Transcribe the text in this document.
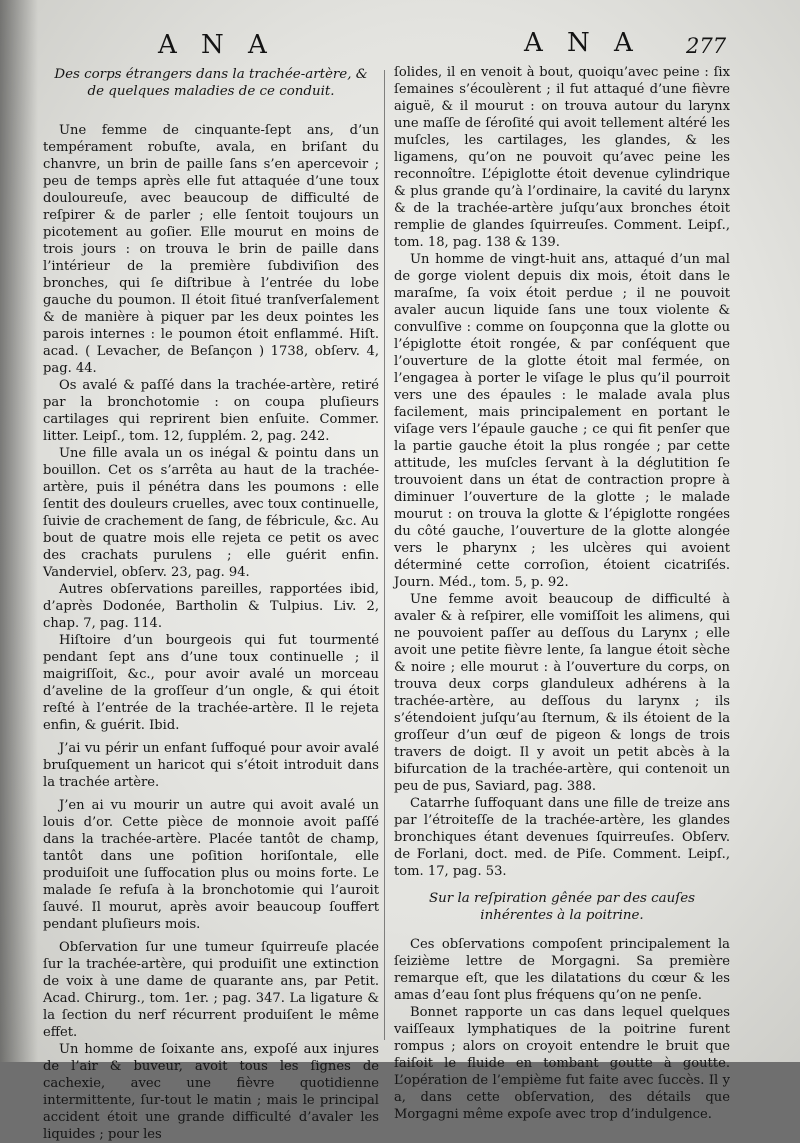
A N A	A N A 277
Des corps étrangers dans la trachée-artère, & de quelques maladies de ce conduit.

Une femme de cinquante-ſept ans, d’un tempérament robuſte, avala, en briſant du chanvre, un brin de paille ſans s’en apercevoir ; peu de temps après elle fut attaquée d’une toux douloureuſe, avec beaucoup de difficulté de reſpirer & de parler ; elle ſentoit toujours un picotement au goſier. Elle mourut en moins de trois jours : on trouva le brin de paille dans l’intérieur de la première ſubdiviſion des bronches, qui ſe diſtribue à l’entrée du lobe gauche du poumon. Il étoit ſitué tranſverſalement & de manière à piquer par les deux pointes les parois internes : le poumon étoit enflammé. Hiſt. acad. ( Levacher, de Beſançon ) 1738, obſerv. 4, pag. 44.

Os avalé & paſſé dans la trachée-artère, retiré par la bronchotomie : on coupa pluſieurs cartilages qui reprirent bien enſuite. Commer. litter. Leipſ., tom. 12, ſupplém. 2, pag. 242.

Une fille avala un os inégal & pointu dans un bouillon. Cet os s’arrêta au haut de la trachée-artère, puis il pénétra dans les poumons : elle ſentit des douleurs cruelles, avec toux continuelle, ſuivie de crachement de ſang, de fébricule, &c. Au bout de quatre mois elle rejeta ce petit os avec des crachats purulens ; elle guérit enfin. Vanderviel, obſerv. 23, pag. 94.

Autres obſervations pareilles, rapportées ibid, d’après Dodonée, Bartholin & Tulpius. Liv. 2, chap. 7, pag. 114.

Hiſtoire d’un bourgeois qui fut tourmenté pendant ſept ans d’une toux continuelle ; il maigriſſoit, &c., pour avoir avalé un morceau d’aveline de la groſſeur d’un ongle, & qui étoit reſté à l’entrée de la trachée-artère. Il le rejeta enfin, & guérit. Ibid.

J’ai vu périr un enfant ſuffoqué pour avoir avalé bruſquement un haricot qui s’étoit introduit dans la trachée artère.

J’en ai vu mourir un autre qui avoit avalé un louis d’or. Cette pièce de monnoie avoit paſſé dans la trachée-artère. Placée tantôt de champ, tantôt dans une poſition horiſontale, elle produiſoit une ſuffocation plus ou moins forte. Le malade ſe refuſa à la bronchotomie qui l’auroit ſauvé. Il mourut, après avoir beaucoup ſouffert pendant pluſieurs mois.

Obſervation ſur une tumeur ſquirreuſe placée ſur la trachée-artère, qui produiſit une extinction de voix à une dame de quarante ans, par Petit. Acad. Chirurg., tom. 1er. ; pag. 347. La ligature & la ſection du nerf récurrent produiſent le même effet.

Un homme de ſoixante ans, expoſé aux injures de l’air & buveur, avoit tous les ſignes de cachexie, avec une fièvre quotidienne intermittente, ſur-tout le matin ; mais le principal accident étoit une grande difficulté d’avaler les liquides ; pour les

ſolides, il en venoit à bout, quoiqu’avec peine : ſix ſemaines s’écoulèrent ; il fut attaqué d’une fièvre aiguë, & il mourut : on trouva autour du larynx une maſſe de ſéroſité qui avoit tellement altéré les muſcles, les cartilages, les glandes, & les ligamens, qu’on ne pouvoit qu’avec peine les reconnoître. L’épiglotte étoit devenue cylindrique & plus grande qu’à l’ordinaire, la cavité du larynx & de la trachée-artère juſqu’aux bronches étoit remplie de glandes ſquirreuſes. Comment. Leipſ., tom. 18, pag. 138 & 139.

Un homme de vingt-huit ans, attaqué d’un mal de gorge violent depuis dix mois, étoit dans le maraſme, ſa voix étoit perdue ; il ne pouvoit avaler aucun liquide ſans une toux violente & convulſive : comme on ſoupçonna que la glotte ou l’épiglotte étoit rongée, & par conſéquent que l’ouverture de la glotte étoit mal fermée, on l’engagea à porter le viſage le plus qu’il pourroit vers une des épaules : le malade avala plus facilement, mais principalement en portant le viſage vers l’épaule gauche ; ce qui fit penſer que la partie gauche étoit la plus rongée ; par cette attitude, les muſcles ſervant à la déglutition ſe trouvoient dans un état de contraction propre à diminuer l’ouverture de la glotte ; le malade mourut : on trouva la glotte & l’épiglotte rongées du côté gauche, l’ouverture de la glotte alongée vers le pharynx ; les ulcères qui avoient déterminé cette corroſion, étoient cicatriſés. Journ. Méd., tom. 5, p. 92.

Une femme avoit beaucoup de difficulté à avaler & à reſpirer, elle vomiſſoit les alimens, qui ne pouvoient paſſer au deſſous du Larynx ; elle avoit une petite fièvre lente, ſa langue étoit sèche & noire ; elle mourut : à l’ouverture du corps, on trouva deux corps glanduleux adhérens à la trachée-artère, au deſſous du larynx ; ils s’étendoient juſqu’au ſternum, & ils étoient de la groſſeur d’un œuf de pigeon & longs de trois travers de doigt. Il y avoit un petit abcès à la bifurcation de la trachée-artère, qui contenoit un peu de pus, Saviard, pag. 388.

Catarrhe ſuffoquant dans une fille de treize ans par l’étroiteſſe de la trachée-artère, les glandes bronchiques étant devenues ſquirreuſes. Obſerv. de Forlani, doct. med. de Piſe. Comment. Leipſ., tom. 17, pag. 53.

Sur la reſpiration gênée par des cauſes inhérentes à la poitrine.

Ces obſervations compoſent principalement la ſeizième lettre de Morgagni. Sa première remarque eſt, que les dilatations du cœur & les amas d’eau ſont plus fréquens qu’on ne penſe.

Bonnet rapporte un cas dans lequel quelques vaiſſeaux lymphatiques de la poitrine furent rompus ; alors on croyoit entendre le bruit que faiſoit le fluide en tombant goutte à goutte. L’opération de l’empième fut faite avec ſuccès. Il y a, dans cette obſervation, des détails que Morgagni même expoſe avec trop d’indulgence.
